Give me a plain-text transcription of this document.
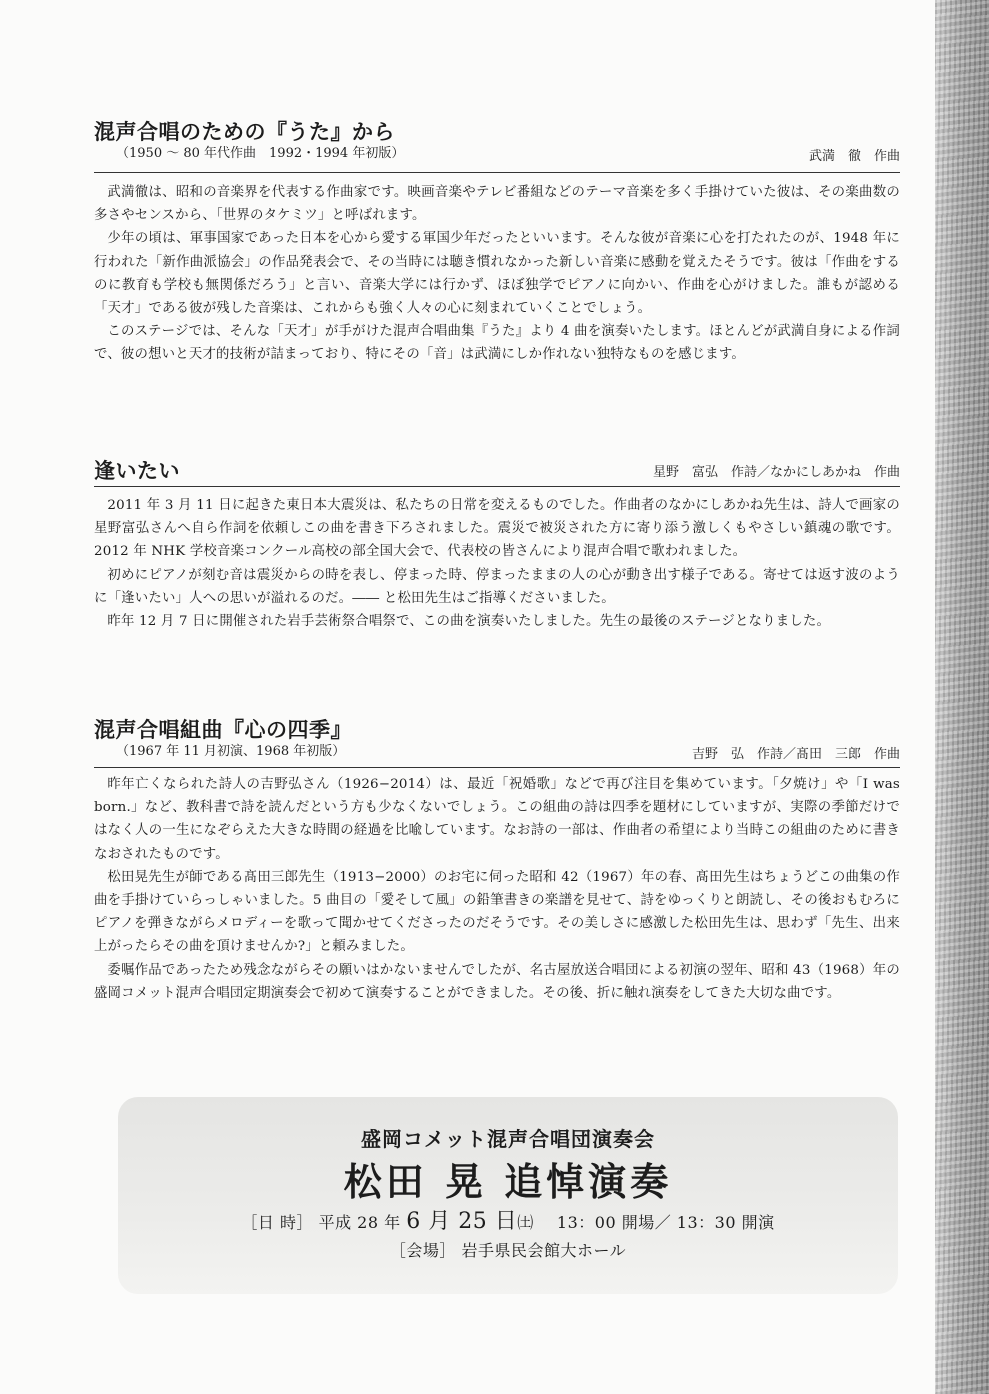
混声合唱のための『うた』から
（1950 ～ 80 年代作曲　1992・1994 年初版）	武満　徹　作曲

武満徹は、昭和の音楽界を代表する作曲家です。映画音楽やテレビ番組などのテーマ音楽を多く手掛けていた彼は、その楽曲数の多さやセンスから、「世界のタケミツ」と呼ばれます。

少年の頃は、軍事国家であった日本を心から愛する軍国少年だったといいます。そんな彼が音楽に心を打たれたのが、1948 年に行われた「新作曲派協会」の作品発表会で、その当時には聴き慣れなかった新しい音楽に感動を覚えたそうです。彼は「作曲をするのに教育も学校も無関係だろう」と言い、音楽大学には行かず、ほぼ独学でピアノに向かい、作曲を心がけました。誰もが認める「天才」である彼が残した音楽は、これからも強く人々の心に刻まれていくことでしょう。

このステージでは、そんな「天才」が手がけた混声合唱曲集『うた』より 4 曲を演奏いたします。ほとんどが武満自身による作詞で、彼の想いと天才的技術が詰まっており、特にその「音」は武満にしか作れない独特なものを感じます。

逢いたい	星野　富弘　作詩／なかにしあかね　作曲

2011 年 3 月 11 日に起きた東日本大震災は、私たちの日常を変えるものでした。作曲者のなかにしあかね先生は、詩人で画家の星野富弘さんへ自ら作詞を依頼しこの曲を書き下ろされました。震災で被災された方に寄り添う激しくもやさしい鎮魂の歌です。2012 年 NHK 学校音楽コンクール高校の部全国大会で、代表校の皆さんにより混声合唱で歌われました。

初めにピアノが刻む音は震災からの時を表し、停まった時、停まったままの人の心が動き出す様子である。寄せては返す波のように「逢いたい」人への思いが溢れるのだ。―― と松田先生はご指導くださいました。

昨年 12 月 7 日に開催された岩手芸術祭合唱祭で、この曲を演奏いたしました。先生の最後のステージとなりました。

混声合唱組曲『心の四季』
（1967 年 11 月初演、1968 年初版）	吉野　弘　作詩／髙田　三郎　作曲

昨年亡くなられた詩人の吉野弘さん（1926−2014）は、最近「祝婚歌」などで再び注目を集めています。「夕焼け」や「I was born.」など、教科書で詩を読んだという方も少なくないでしょう。この組曲の詩は四季を題材にしていますが、実際の季節だけではなく人の一生になぞらえた大きな時間の経過を比喩しています。なお詩の一部は、作曲者の希望により当時この組曲のために書きなおされたものです。

松田晃先生が師である髙田三郎先生（1913−2000）のお宅に伺った昭和 42（1967）年の春、髙田先生はちょうどこの曲集の作曲を手掛けていらっしゃいました。5 曲目の「愛そして風」の鉛筆書きの楽譜を見せて、詩をゆっくりと朗読し、その後おもむろにピアノを弾きながらメロディーを歌って聞かせてくださったのだそうです。その美しさに感激した松田先生は、思わず「先生、出来上がったらその曲を頂けませんか?」と頼みました。

委嘱作品であったため残念ながらその願いはかないませんでしたが、名古屋放送合唱団による初演の翌年、昭和 43（1968）年の盛岡コメット混声合唱団定期演奏会で初めて演奏することができました。その後、折に触れ演奏をしてきた大切な曲です。

盛岡コメット混声合唱団演奏会
松田 晃 追悼演奏
［日 時］ 平成 28 年 6 月 25 日㈯ 13：00 開場／ 13：30 開演
［会場］ 岩手県民会館大ホール
